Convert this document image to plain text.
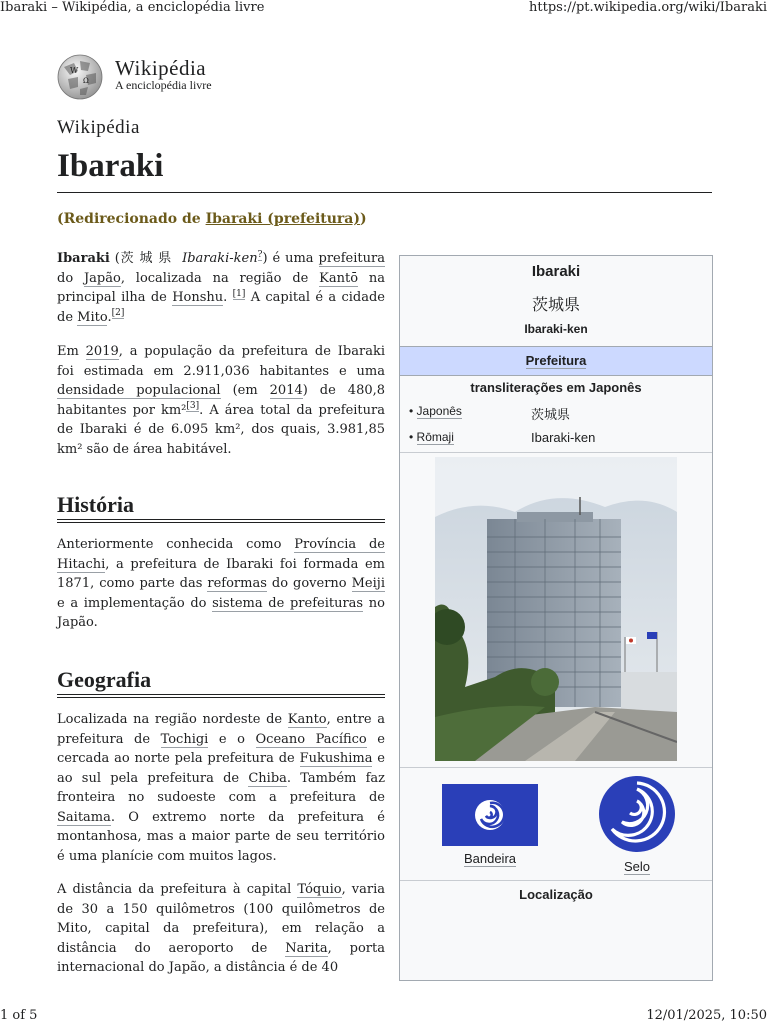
Ibaraki – Wikipédia, a enciclopédia livre	https://pt.wikipedia.org/wiki/Ibaraki
W
Ω
Wikipédia
A enciclopédia livre
Wikipédia
Ibaraki
(Redirecionado de Ibaraki (prefeitura))

Ibaraki (茨城県 Ibaraki-ken?) é uma prefeitura do Japão, localizada na região de Kantō na principal ilha de Honshu. [1] A capital é a cidade de Mito.[2]

Em 2019, a população da prefeitura de Ibaraki foi estimada em 2.911,036 habitantes e uma densidade populacional (em 2014) de 480,8 habitantes por km²[3]. A área total da prefeitura de Ibaraki é de 6.095 km², dos quais, 3.981,85 km² são de área habitável.

História

Anteriormente conhecida como Província de Hitachi, a prefeitura de Ibaraki foi formada em 1871, como parte das reformas do governo Meiji e a implementação do sistema de prefeituras no Japão.

Geografia

Localizada na região nordeste de Kanto, entre a prefeitura de Tochigi e o Oceano Pacífico e cercada ao norte pela prefeitura de Fukushima e ao sul pela prefeitura de Chiba. Também faz fronteira no sudoeste com a prefeitura de Saitama. O extremo norte da prefeitura é montanhosa, mas a maior parte de seu território é uma planície com muitos lagos.

A distância da prefeitura à capital Tóquio, varia de 30 a 150 quilômetros (100 quilômetros de Mito, capital da prefeitura), em relação a distância do aeroporto de Narita, porta internacional do Japão, a distância é de 40

Ibaraki
茨城県
Ibaraki-ken
Prefeitura
transliterações em Japonês
• Japonês	茨城県
• Rōmaji	Ibaraki-ken
Bandeira
Selo
Localização
1 of 5	12/01/2025, 10:50
